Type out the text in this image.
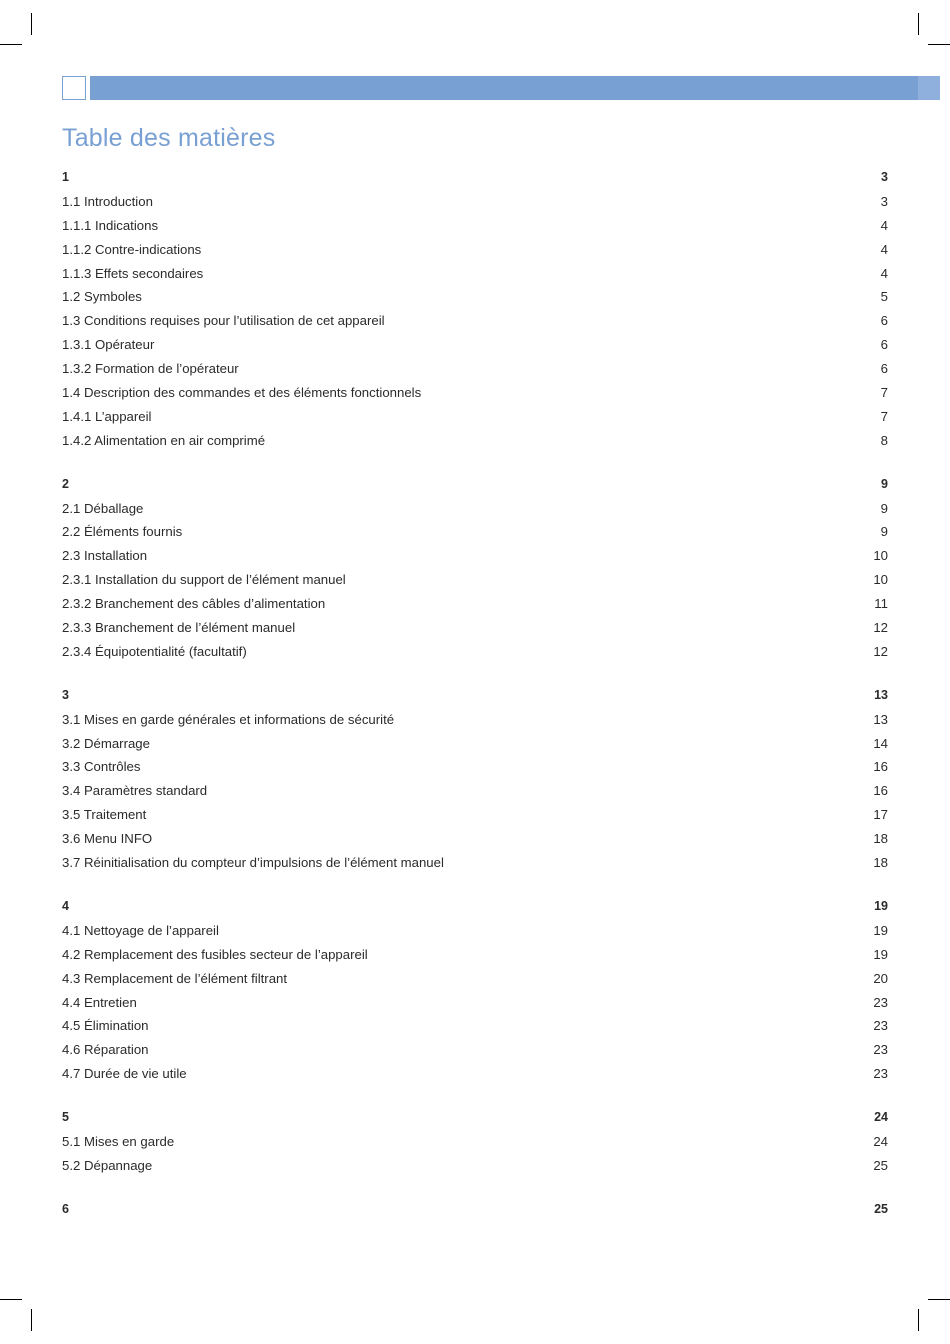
Table des matières
1	3
1.1 Introduction	3
1.1.1 Indications	4
1.1.2 Contre-indications	4
1.1.3 Effets secondaires	4
1.2 Symboles	5
1.3 Conditions requises pour l’utilisation de cet appareil	6
1.3.1 Opérateur	6
1.3.2 Formation de l’opérateur	6
1.4 Description des commandes et des éléments fonctionnels	7
1.4.1 L’appareil	7
1.4.2 Alimentation en air comprimé	8
2	9
2.1 Déballage	9
2.2 Éléments fournis	9
2.3 Installation	10
2.3.1 Installation du support de l’élément manuel	10
2.3.2 Branchement des câbles d’alimentation	11
2.3.3 Branchement de l’élément manuel	12
2.3.4 Équipotentialité (facultatif)	12
3	13
3.1 Mises en garde générales et informations de sécurité	13
3.2 Démarrage	14
3.3 Contrôles	16
3.4 Paramètres standard	16
3.5 Traitement	17
3.6 Menu INFO	18
3.7 Réinitialisation du compteur d’impulsions de l’élément manuel	18
4	19
4.1 Nettoyage de l’appareil	19
4.2 Remplacement des fusibles secteur de l’appareil	19
4.3 Remplacement de l’élément filtrant	20
4.4 Entretien	23
4.5 Élimination	23
4.6 Réparation	23
4.7 Durée de vie utile	23
5	24
5.1 Mises en garde	24
5.2 Dépannage	25
6	25
